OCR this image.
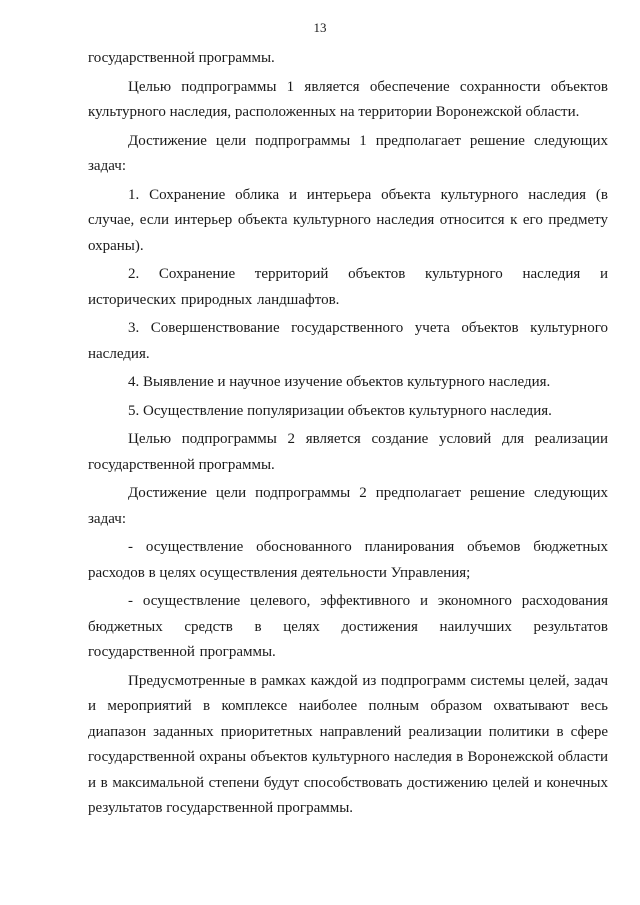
13

государственной программы.

Целью подпрограммы 1 является обеспечение сохранности объектов культурного наследия, расположенных на территории Воронежской области.

Достижение цели подпрограммы 1 предполагает решение следующих задач:

1. Сохранение облика и интерьера объекта культурного наследия (в случае, если интерьер объекта культурного наследия относится к его предмету охраны).

2. Сохранение территорий объектов культурного наследия и исторических природных ландшафтов.

3. Совершенствование государственного учета объектов культурного наследия.

4. Выявление и научное изучение объектов культурного наследия.

5. Осуществление популяризации объектов культурного наследия.

Целью подпрограммы 2 является создание условий для реализации государственной программы.

Достижение цели подпрограммы 2 предполагает решение следующих задач:

- осуществление обоснованного планирования объемов бюджетных расходов в целях осуществления деятельности Управления;

- осуществление целевого, эффективного и экономного расходования бюджетных средств в целях достижения наилучших результатов государственной программы.

Предусмотренные в рамках каждой из подпрограмм системы целей, задач и мероприятий в комплексе наиболее полным образом охватывают весь диапазон заданных приоритетных направлений реализации политики в сфере государственной охраны объектов культурного наследия в Воронежской области и в максимальной степени будут способствовать достижению целей и конечных результатов государственной программы.
